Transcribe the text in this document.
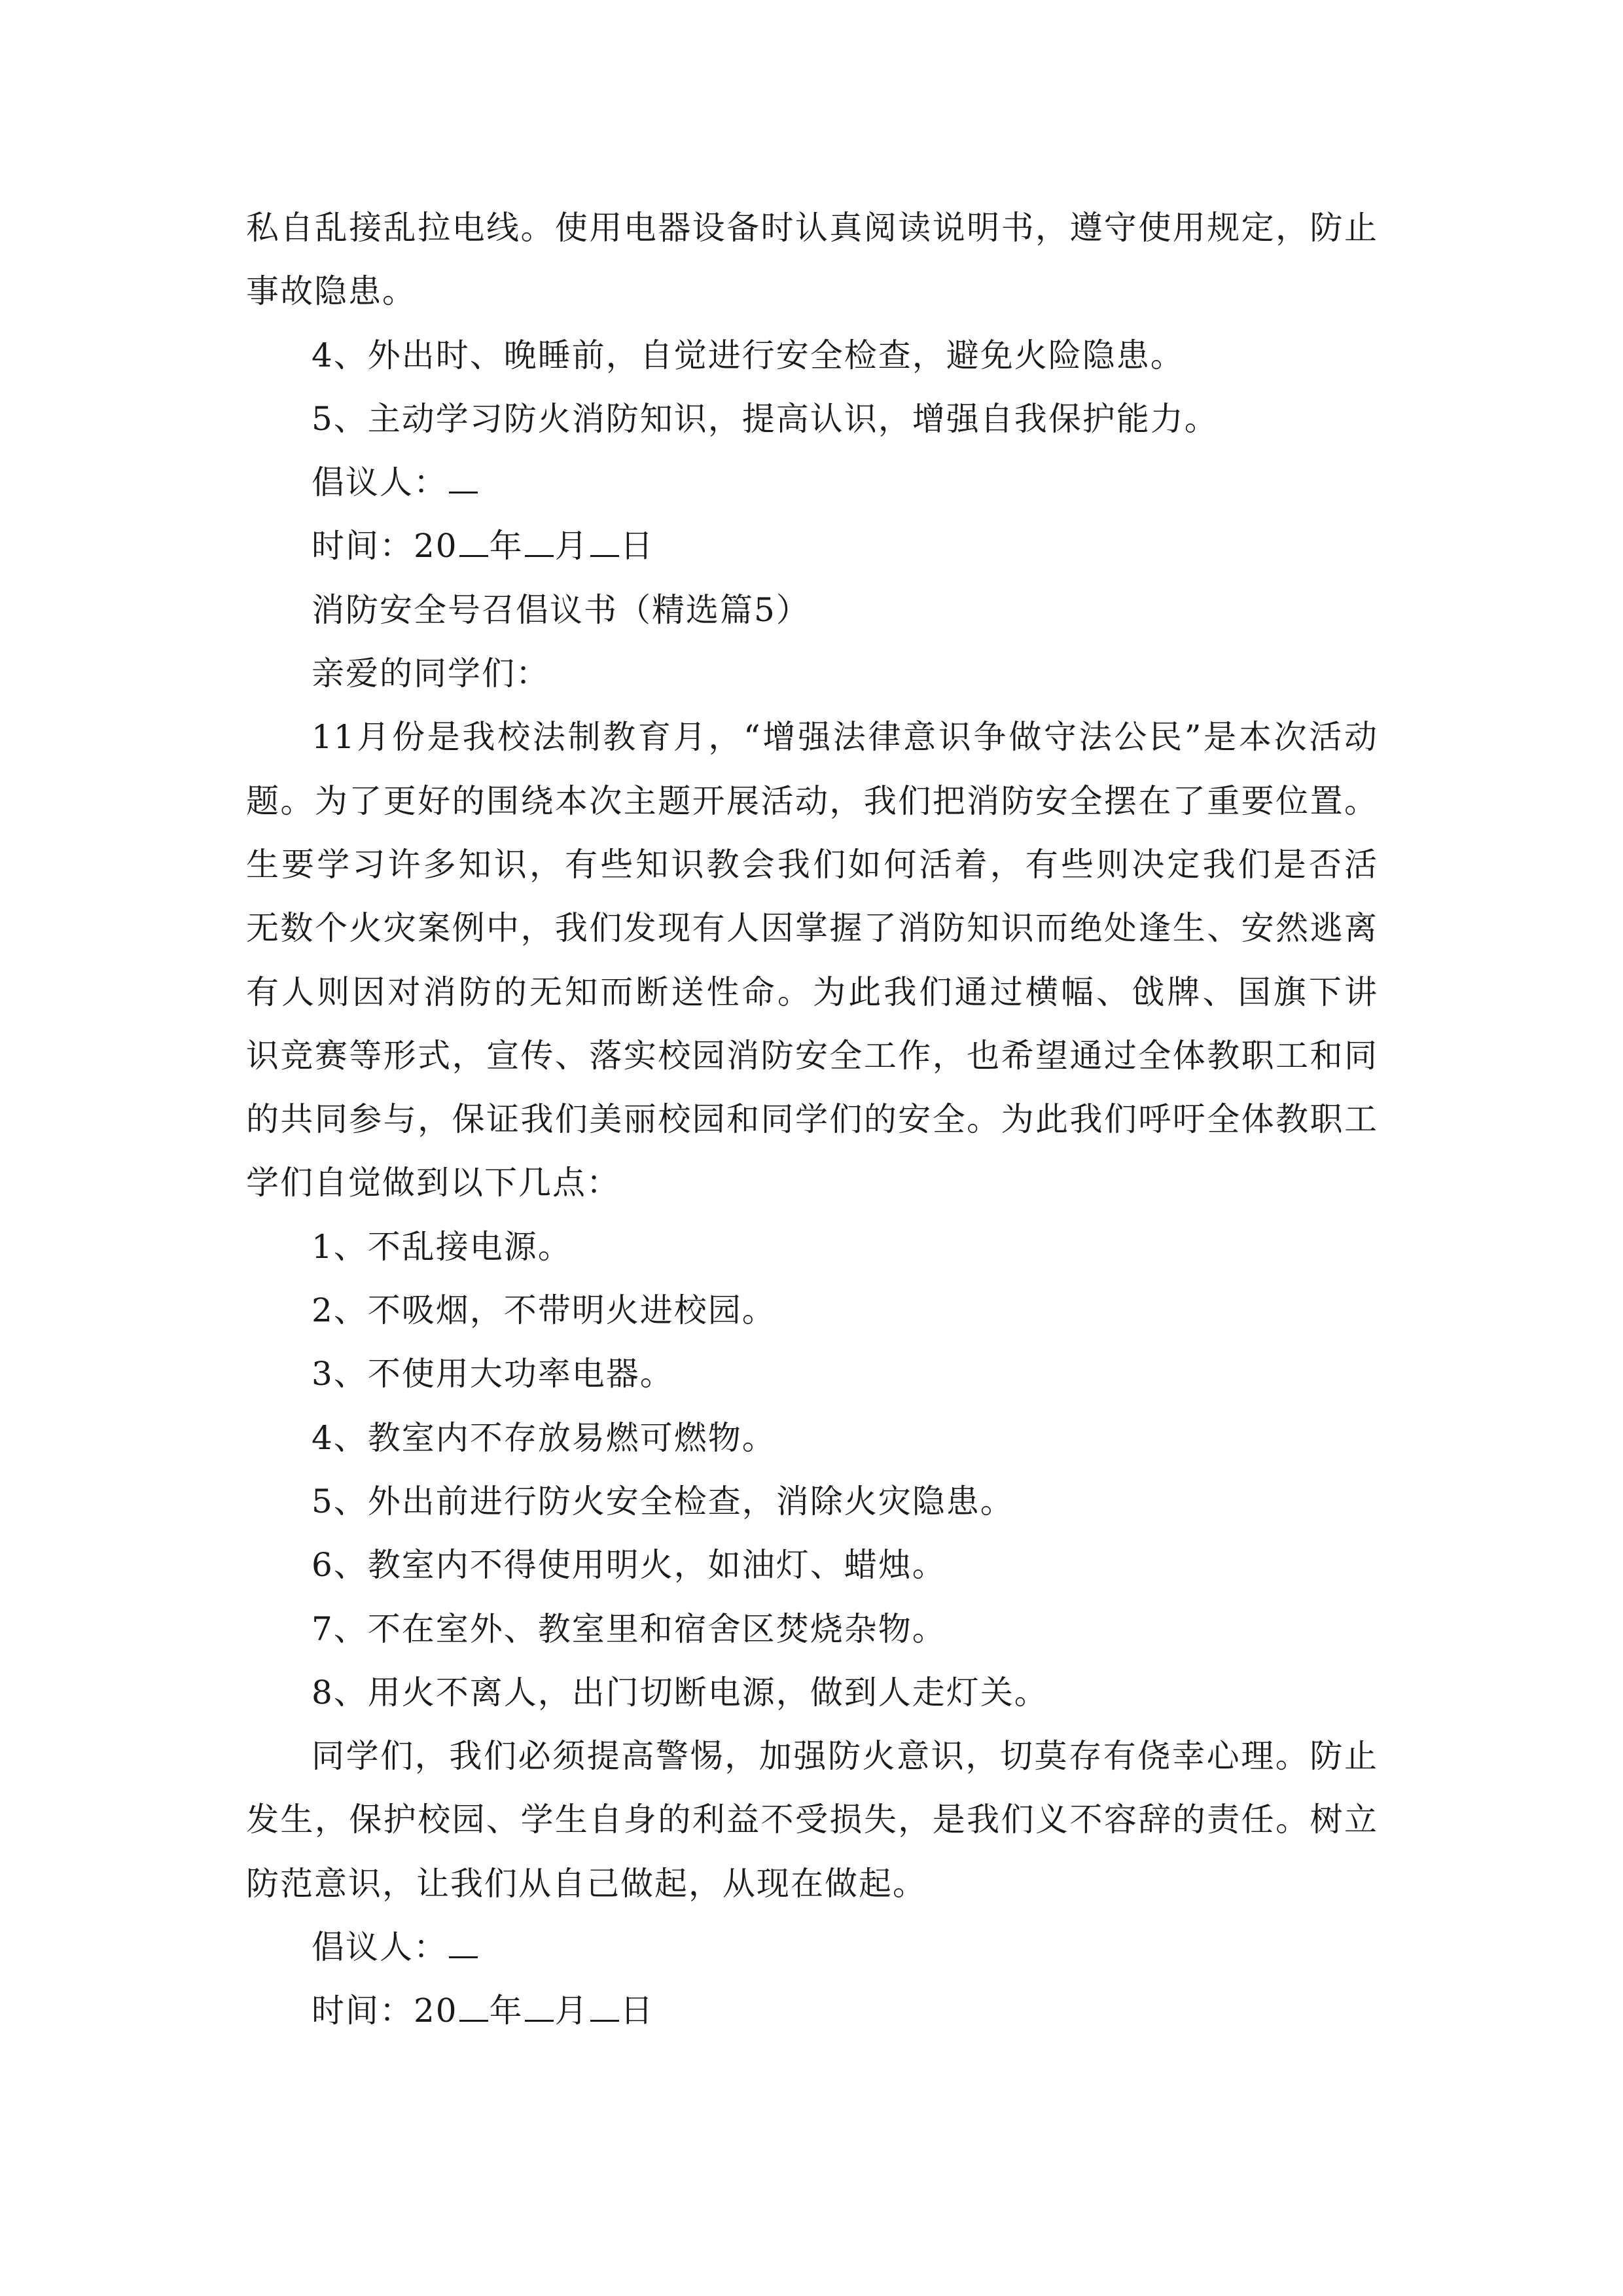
私自乱接乱拉电线。使用电器设备时认真阅读说明书，遵守使用规定，防止
事故隐患。
4、外出时、晚睡前，自觉进行安全检查，避免火险隐患。
5、主动学习防火消防知识，提高认识，增强自我保护能力。
倡议人：
时间：20 年 月 日
消防安全号召倡议书（精选篇5）
亲爱的同学们：
11月份是我校法制教育月，“增强法律意识争做守法公民”是本次活动
题。为了更好的围绕本次主题开展活动，我们把消防安全摆在了重要位置。
生要学习许多知识，有些知识教会我们如何活着，有些则决定我们是否活
无数个火灾案例中，我们发现有人因掌握了消防知识而绝处逢生、安然逃离
有人则因对消防的无知而断送性命。为此我们通过横幅、戗牌、国旗下讲
识竞赛等形式，宣传、落实校园消防安全工作，也希望通过全体教职工和同
的共同参与，保证我们美丽校园和同学们的安全。为此我们呼吁全体教职工
学们自觉做到以下几点：
1、不乱接电源。
2、不吸烟，不带明火进校园。
3、不使用大功率电器。
4、教室内不存放易燃可燃物。
5、外出前进行防火安全检查，消除火灾隐患。
6、教室内不得使用明火，如油灯、蜡烛。
7、不在室外、教室里和宿舍区焚烧杂物。
8、用火不离人，出门切断电源，做到人走灯关。
同学们，我们必须提高警惕，加强防火意识，切莫存有侥幸心理。防止
发生，保护校园、学生自身的利益不受损失，是我们义不容辞的责任。树立
防范意识，让我们从自己做起，从现在做起。
倡议人：
时间：20 年 月 日
